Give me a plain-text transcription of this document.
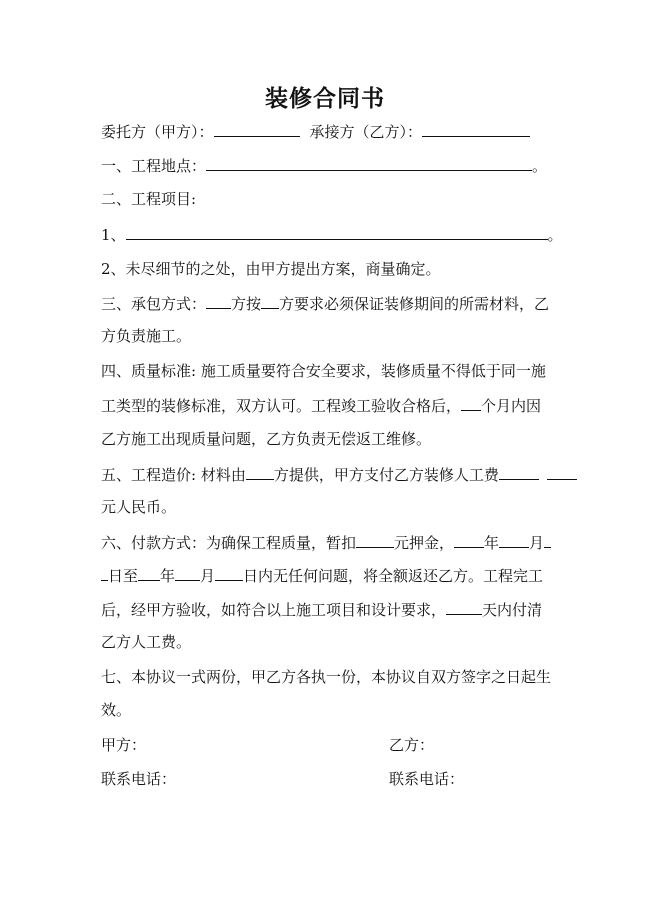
装修合同书
委托方（甲方）：	承接方（乙方）：
一、工程地点：	。
二、工程项目:
1、	。
2、未尽细节的之处，由甲方提出方案，商量确定。
三、承包方式： 方按 方要求必须保证装修期间的所需材料，乙
方负责施工。
四、质量标准: 施工质量要符合安全要求，装修质量不得低于同一施
工类型的装修标准，双方认可。工程竣工验收合格后， 个月内因
乙方施工出现质量问题，乙方负责无偿返工维修。
五、工程造价: 材料由 方提供，甲方支付乙方装修人工费
元人民币。
六、付款方式：为确保工程质量，暂扣	元押金， 年 月
日至 年 月 日内无任何问题，将全额返还乙方。工程完工
后，经甲方验收，如符合以上施工项目和设计要求， 天内付清
乙方人工费。
七、本协议一式两份，甲乙方各执一份，本协议自双方签字之日起生
效。
甲方：	乙方：
联系电话：	联系电话：
